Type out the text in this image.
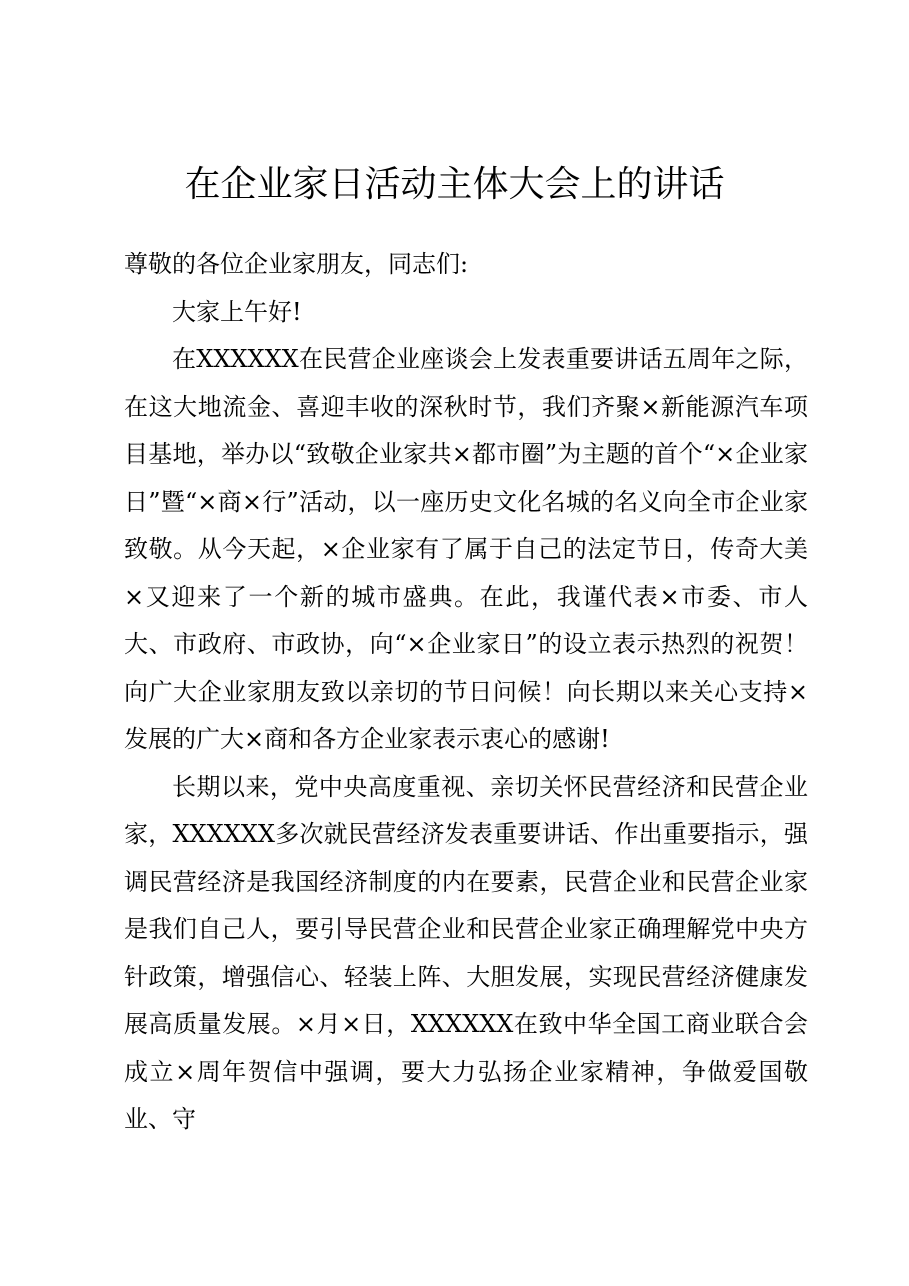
在企业家日活动主体大会上的讲话

尊敬的各位企业家朋友，同志们:

大家上午好!

在XXXXXX在民营企业座谈会上发表重要讲话五周年之际，在这大地流金、喜迎丰收的深秋时节，我们齐聚×新能源汽车项目基地，举办以“致敬企业家共×都市圈”为主题的首个“×企业家日”暨“×商×行”活动，以一座历史文化名城的名义向全市企业家致敬。从今天起，×企业家有了属于自己的法定节日，传奇大美×又迎来了一个新的城市盛典。在此，我谨代表×市委、市人大、市政府、市政协，向“×企业家日”的设立表示热烈的祝贺！向广大企业家朋友致以亲切的节日问候！向长期以来关心支持×发展的广大×商和各方企业家表示衷心的感谢!

长期以来，党中央高度重视、亲切关怀民营经济和民营企业家，XXXXXX多次就民营经济发表重要讲话、作出重要指示，强调民营经济是我国经济制度的内在要素，民营企业和民营企业家是我们自己人，要引导民营企业和民营企业家正确理解党中央方针政策，增强信心、轻装上阵、大胆发展，实现民营经济健康发展高质量发展。×月×日，XXXXXX在致中华全国工商业联合会成立×周年贺信中强调，要大力弘扬企业家精神，争做爱国敬业、守
